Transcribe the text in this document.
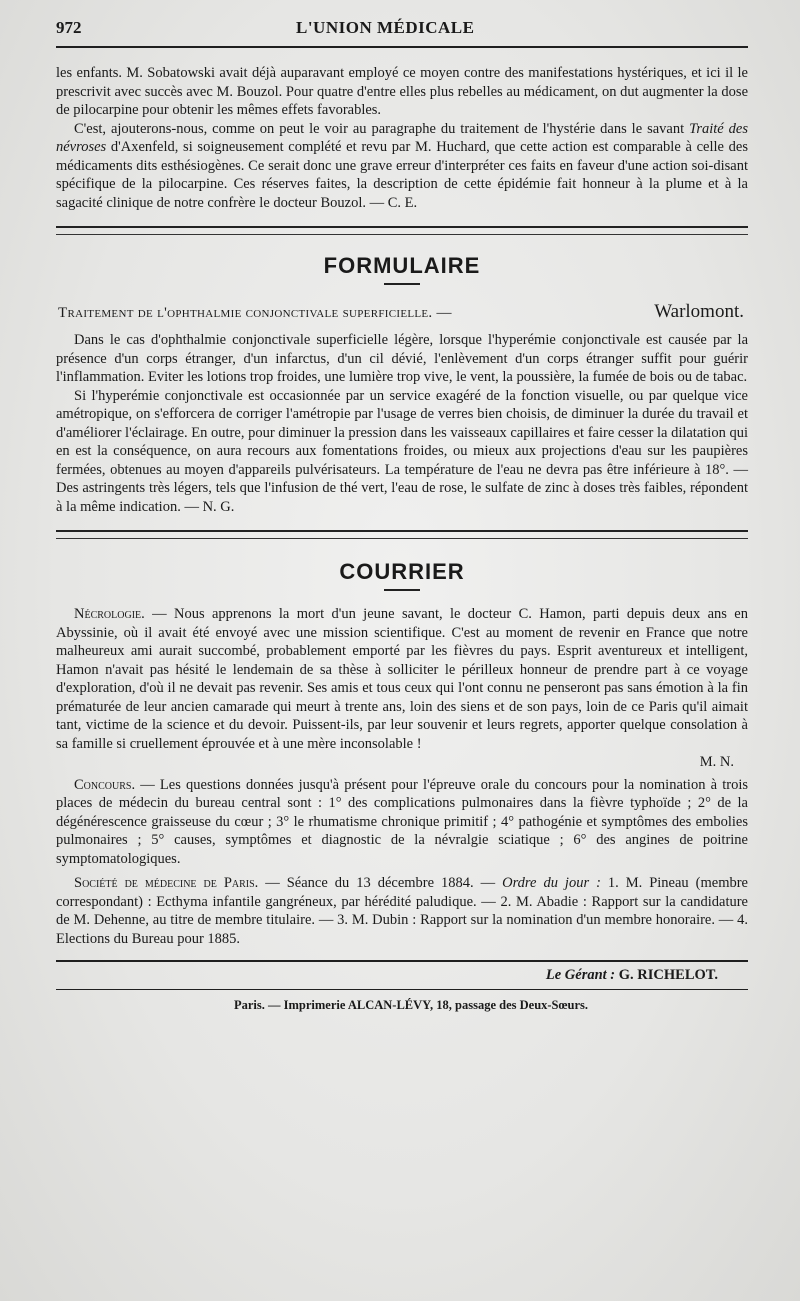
972	L'UNION MÉDICALE

les enfants. M. Sobatowski avait déjà auparavant employé ce moyen contre des manifestations hystériques, et ici il le prescrivit avec succès avec M. Bouzol. Pour quatre d'entre elles plus rebelles au médicament, on dut augmenter la dose de pilocarpine pour obtenir les mêmes effets favorables.

C'est, ajouterons-nous, comme on peut le voir au paragraphe du traitement de l'hystérie dans le savant Traité des névroses d'Axenfeld, si soigneusement complété et revu par M. Huchard, que cette action est comparable à celle des médicaments dits esthésiogènes. Ce serait donc une grave erreur d'interpréter ces faits en faveur d'une action soi-disant spécifique de la pilocarpine. Ces réserves faites, la description de cette épidémie fait honneur à la plume et à la sagacité clinique de notre confrère le docteur Bouzol. — C. E.

FORMULAIRE
Traitement de l'ophthalmie conjonctivale superficielle. —	Warlomont.

Dans le cas d'ophthalmie conjonctivale superficielle légère, lorsque l'hyperémie conjonctivale est causée par la présence d'un corps étranger, d'un infarctus, d'un cil dévié, l'enlèvement d'un corps étranger suffit pour guérir l'inflammation. Eviter les lotions trop froides, une lumière trop vive, le vent, la poussière, la fumée de bois ou de tabac.

Si l'hyperémie conjonctivale est occasionnée par un service exagéré de la fonction visuelle, ou par quelque vice amétropique, on s'efforcera de corriger l'amétropie par l'usage de verres bien choisis, de diminuer la durée du travail et d'améliorer l'éclairage. En outre, pour diminuer la pression dans les vaisseaux capillaires et faire cesser la dilatation qui en est la conséquence, on aura recours aux fomentations froides, ou mieux aux projections d'eau sur les paupières fermées, obtenues au moyen d'appareils pulvérisateurs. La température de l'eau ne devra pas être inférieure à 18°. — Des astringents très légers, tels que l'infusion de thé vert, l'eau de rose, le sulfate de zinc à doses très faibles, répondent à la même indication. — N. G.

COURRIER

Nécrologie. — Nous apprenons la mort d'un jeune savant, le docteur C. Hamon, parti depuis deux ans en Abyssinie, où il avait été envoyé avec une mission scientifique. C'est au moment de revenir en France que notre malheureux ami aurait succombé, probablement emporté par les fièvres du pays. Esprit aventureux et intelligent, Hamon n'avait pas hésité le lendemain de sa thèse à solliciter le périlleux honneur de prendre part à ce voyage d'exploration, d'où il ne devait pas revenir. Ses amis et tous ceux qui l'ont connu ne penseront pas sans émotion à la fin prématurée de leur ancien camarade qui meurt à trente ans, loin des siens et de son pays, loin de ce Paris qu'il aimait tant, victime de la science et du devoir. Puissent-ils, par leur souvenir et leurs regrets, apporter quelque consolation à sa famille si cruellement éprouvée et à une mère inconsolable !

M. N.

Concours. — Les questions données jusqu'à présent pour l'épreuve orale du concours pour la nomination à trois places de médecin du bureau central sont : 1° des complications pulmonaires dans la fièvre typhoïde ; 2° de la dégénérescence graisseuse du cœur ; 3° le rhumatisme chronique primitif ; 4° pathogénie et symptômes des embolies pulmonaires ; 5° causes, symptômes et diagnostic de la névralgie sciatique ; 6° des angines de poitrine symptomatologiques.

Société de médecine de Paris. — Séance du 13 décembre 1884. — Ordre du jour : 1. M. Pineau (membre correspondant) : Ecthyma infantile gangréneux, par hérédité paludique. — 2. M. Abadie : Rapport sur la candidature de M. Dehenne, au titre de membre titulaire. — 3. M. Dubin : Rapport sur la nomination d'un membre honoraire. — 4. Elections du Bureau pour 1885.

Le Gérant : G. RICHELOT.

Paris. — Imprimerie ALCAN-LÉVY, 18, passage des Deux-Sœurs.
